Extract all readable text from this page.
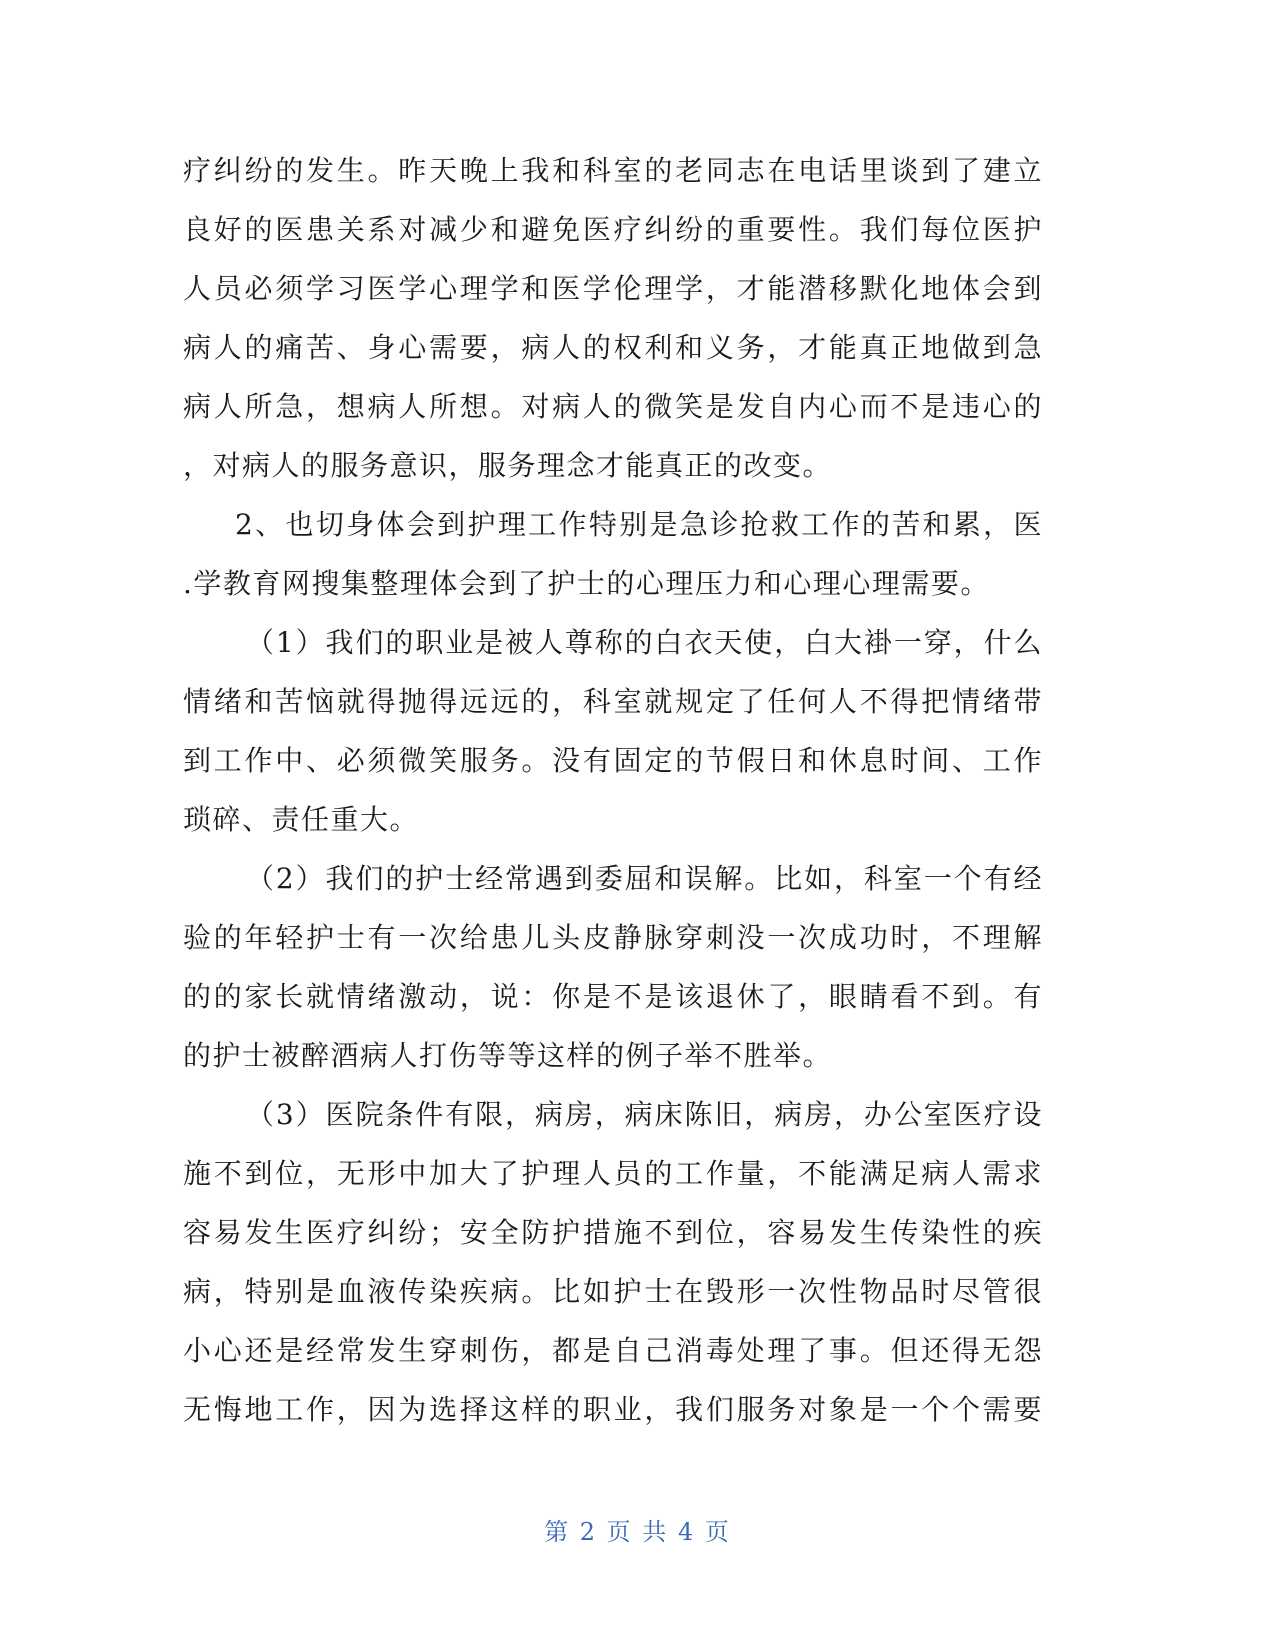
疗纠纷的发生。昨天晚上我和科室的老同志在电话里谈到了建立
良好的医患关系对减少和避免医疗纠纷的重要性。我们每位医护
人员必须学习医学心理学和医学伦理学，才能潜移默化地体会到
病人的痛苦、身心需要，病人的权利和义务，才能真正地做到急
病人所急，想病人所想。对病人的微笑是发自内心而不是违心的
，对病人的服务意识，服务理念才能真正的改变。
2、也切身体会到护理工作特别是急诊抢救工作的苦和累，医
.学教育网搜集整理体会到了护士的心理压力和心理心理需要。
（1）我们的职业是被人尊称的白衣天使，白大褂一穿，什么
情绪和苦恼就得抛得远远的，科室就规定了任何人不得把情绪带
到工作中、必须微笑服务。没有固定的节假日和休息时间、工作
琐碎、责任重大。
（2）我们的护士经常遇到委屈和误解。比如，科室一个有经
验的年轻护士有一次给患儿头皮静脉穿刺没一次成功时，不理解
的的家长就情绪激动，说：你是不是该退休了，眼睛看不到。有
的护士被醉酒病人打伤等等这样的例子举不胜举。
（3）医院条件有限，病房，病床陈旧，病房，办公室医疗设
施不到位，无形中加大了护理人员的工作量，不能满足病人需求
容易发生医疗纠纷；安全防护措施不到位，容易发生传染性的疾
病，特别是血液传染疾病。比如护士在毁形一次性物品时尽管很
小心还是经常发生穿刺伤，都是自己消毒处理了事。但还得无怨
无悔地工作，因为选择这样的职业，我们服务对象是一个个需要
第 2 页 共 4 页
